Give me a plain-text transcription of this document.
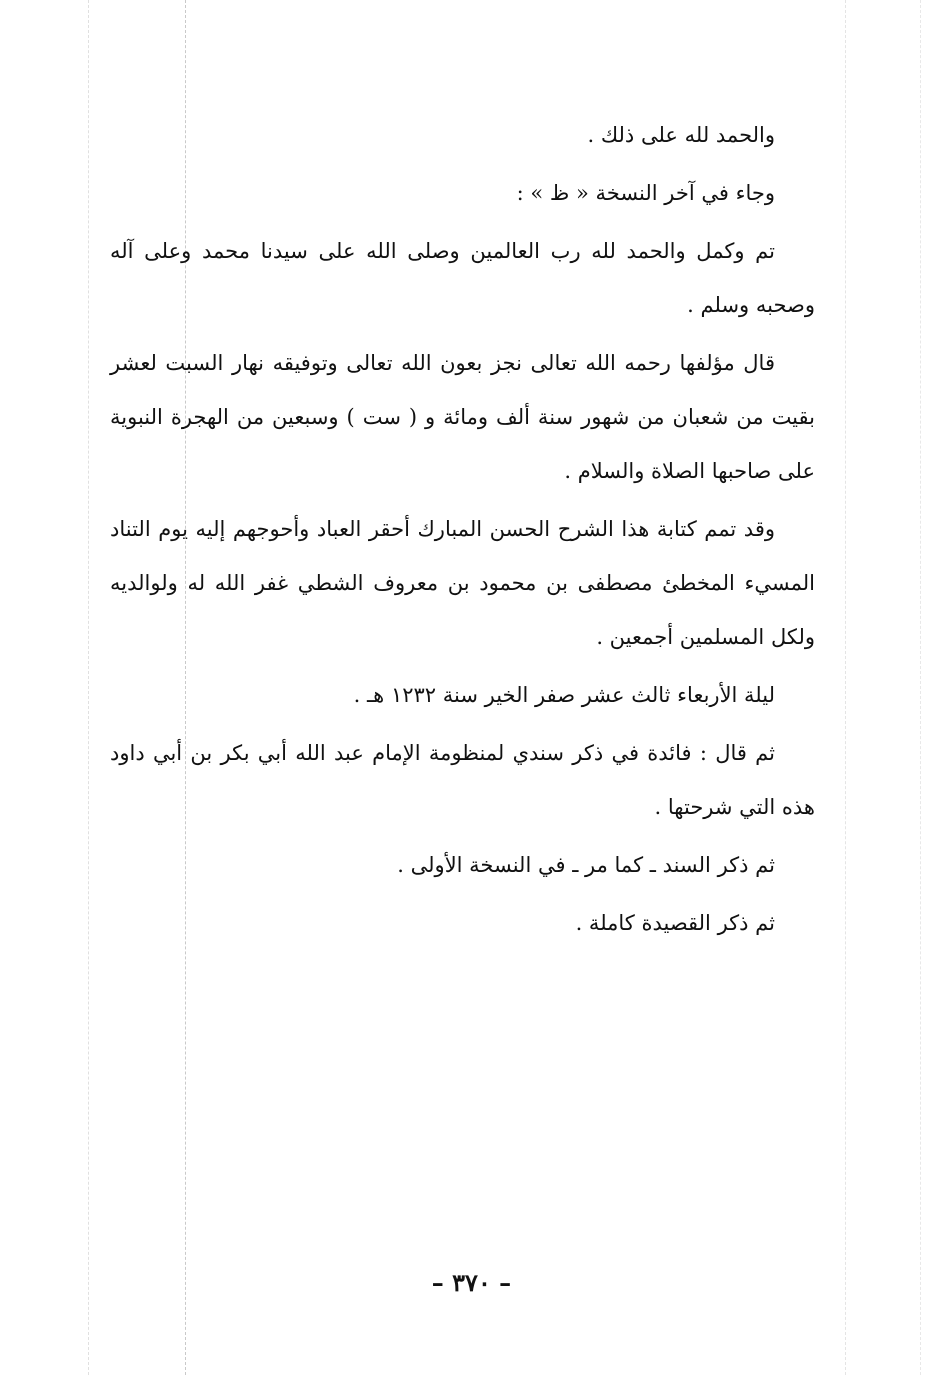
والحمد لله على ذلك .

وجاء في آخر النسخة « ظ » :

تم وكمل والحمد لله رب العالمين وصلى الله على سيدنا محمد وعلى آله وصحبه وسلم .

قال مؤلفها رحمه الله تعالى نجز بعون الله تعالى وتوفيقه نهار السبت لعشر بقيت من شعبان من شهور سنة ألف ومائة و ( ست ) وسبعين من الهجرة النبوية على صاحبها الصلاة والسلام .

وقد تمم كتابة هذا الشرح الحسن المبارك أحقر العباد وأحوجهم إليه يوم التناد المسيء المخطئ مصطفى بن محمود بن معروف الشطي غفر الله له ولوالديه ولكل المسلمين أجمعين .

ليلة الأربعاء ثالث عشر صفر الخير سنة ١٢٣٢ هـ .

ثم قال : فائدة في ذكر سندي لمنظومة الإمام عبد الله أبي بكر بن أبي داود هذه التي شرحتها .

ثم ذكر السند ـ كما مر ـ في النسخة الأولى .

ثم ذكر القصيدة كاملة .

– ٣٧٠ –
